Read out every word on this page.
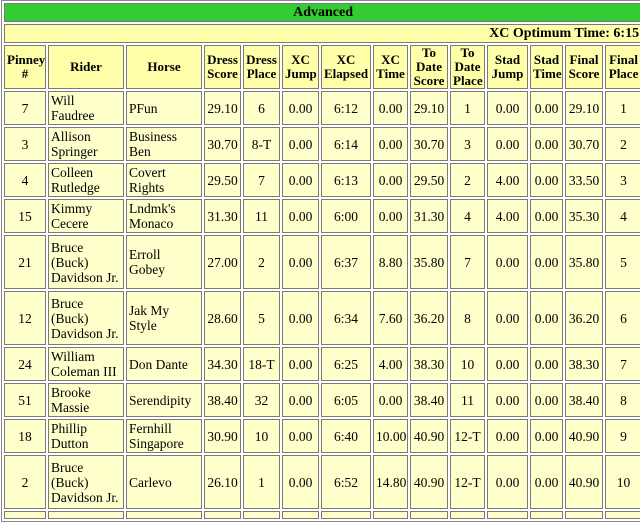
Advanced													
XC Optimum Time: 6:15													
Pinney #	Rider	Horse	Dress Score	Dress Place	XC Jump	XC Elapsed	XC Time	To Date Score	To Date Place	Stad Jump	Stad Time	Final Score	Final Place
7	Will Faudree	PFun	29.10	6	0.00	6:12	0.00	29.10	1	0.00	0.00	29.10	1
3	Allison Springer	Business Ben	30.70	8-T	0.00	6:14	0.00	30.70	3	0.00	0.00	30.70	2
4	Colleen Rutledge	Covert Rights	29.50	7	0.00	6:13	0.00	29.50	2	4.00	0.00	33.50	3
15	Kimmy Cecere	Lndmk's Monaco	31.30	11	0.00	6:00	0.00	31.30	4	4.00	0.00	35.30	4
21	Bruce (Buck) Davidson Jr.	Erroll Gobey	27.00	2	0.00	6:37	8.80	35.80	7	0.00	0.00	35.80	5
12	Bruce (Buck) Davidson Jr.	Jak My Style	28.60	5	0.00	6:34	7.60	36.20	8	0.00	0.00	36.20	6
24	William Coleman III	Don Dante	34.30	18-T	0.00	6:25	4.00	38.30	10	0.00	0.00	38.30	7
51	Brooke Massie	Serendipity	38.40	32	0.00	6:05	0.00	38.40	11	0.00	0.00	38.40	8
18	Phillip Dutton	Fernhill Singapore	30.90	10	0.00	6:40	10.00	40.90	12-T	0.00	0.00	40.90	9
2	Bruce (Buck) Davidson Jr.	Carlevo	26.10	1	0.00	6:52	14.80	40.90	12-T	0.00	0.00	40.90	10
